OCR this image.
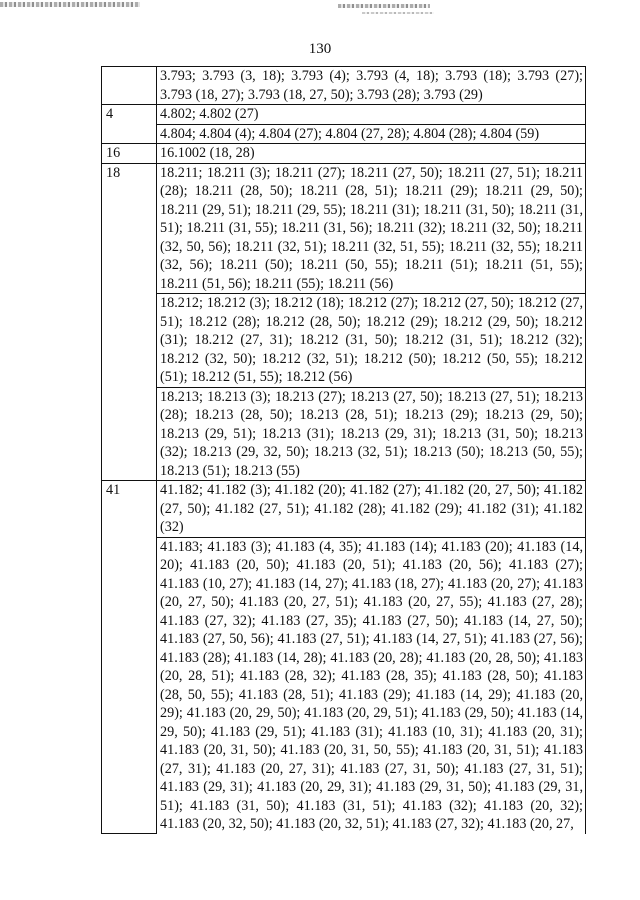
130
	3.793; 3.793 (3, 18); 3.793 (4); 3.793 (4, 18); 3.793 (18); 3.793 (27); 3.793 (18, 27); 3.793 (18, 27, 50); 3.793 (28); 3.793 (29)
4	4.802; 4.802 (27)
	4.804; 4.804 (4); 4.804 (27); 4.804 (27, 28); 4.804 (28); 4.804 (59)
16	16.1002 (18, 28)
18	18.211; 18.211 (3); 18.211 (27); 18.211 (27, 50); 18.211 (27, 51); 18.211 (28); 18.211 (28, 50); 18.211 (28, 51); 18.211 (29); 18.211 (29, 50); 18.211 (29, 51); 18.211 (29, 55); 18.211 (31); 18.211 (31, 50); 18.211 (31, 51); 18.211 (31, 55); 18.211 (31, 56); 18.211 (32); 18.211 (32, 50); 18.211 (32, 50, 56); 18.211 (32, 51); 18.211 (32, 51, 55); 18.211 (32, 55); 18.211 (32, 56); 18.211 (50); 18.211 (50, 55); 18.211 (51); 18.211 (51, 55); 18.211 (51, 56); 18.211 (55); 18.211 (56)
	18.212; 18.212 (3); 18.212 (18); 18.212 (27); 18.212 (27, 50); 18.212 (27, 51); 18.212 (28); 18.212 (28, 50); 18.212 (29); 18.212 (29, 50); 18.212 (31); 18.212 (27, 31); 18.212 (31, 50); 18.212 (31, 51); 18.212 (32); 18.212 (32, 50); 18.212 (32, 51); 18.212 (50); 18.212 (50, 55); 18.212 (51); 18.212 (51, 55); 18.212 (56)
	18.213; 18.213 (3); 18.213 (27); 18.213 (27, 50); 18.213 (27, 51); 18.213 (28); 18.213 (28, 50); 18.213 (28, 51); 18.213 (29); 18.213 (29, 50); 18.213 (29, 51); 18.213 (31); 18.213 (29, 31); 18.213 (31, 50); 18.213 (32); 18.213 (29, 32, 50); 18.213 (32, 51); 18.213 (50); 18.213 (50, 55); 18.213 (51); 18.213 (55)
41	41.182; 41.182 (3); 41.182 (20); 41.182 (27); 41.182 (20, 27, 50); 41.182 (27, 50); 41.182 (27, 51); 41.182 (28); 41.182 (29); 41.182 (31); 41.182 (32)
	41.183; 41.183 (3); 41.183 (4, 35); 41.183 (14); 41.183 (20); 41.183 (14, 20); 41.183 (20, 50); 41.183 (20, 51); 41.183 (20, 56); 41.183 (27); 41.183 (10, 27); 41.183 (14, 27); 41.183 (18, 27); 41.183 (20, 27); 41.183 (20, 27, 50); 41.183 (20, 27, 51); 41.183 (20, 27, 55); 41.183 (27, 28); 41.183 (27, 32); 41.183 (27, 35); 41.183 (27, 50); 41.183 (14, 27, 50); 41.183 (27, 50, 56); 41.183 (27, 51); 41.183 (14, 27, 51); 41.183 (27, 56); 41.183 (28); 41.183 (14, 28); 41.183 (20, 28); 41.183 (20, 28, 50); 41.183 (20, 28, 51); 41.183 (28, 32); 41.183 (28, 35); 41.183 (28, 50); 41.183 (28, 50, 55); 41.183 (28, 51); 41.183 (29); 41.183 (14, 29); 41.183 (20, 29); 41.183 (20, 29, 50); 41.183 (20, 29, 51); 41.183 (29, 50); 41.183 (14, 29, 50); 41.183 (29, 51); 41.183 (31); 41.183 (10, 31); 41.183 (20, 31); 41.183 (20, 31, 50); 41.183 (20, 31, 50, 55); 41.183 (20, 31, 51); 41.183 (27, 31); 41.183 (20, 27, 31); 41.183 (27, 31, 50); 41.183 (27, 31, 51); 41.183 (29, 31); 41.183 (20, 29, 31); 41.183 (29, 31, 50); 41.183 (29, 31, 51); 41.183 (31, 50); 41.183 (31, 51); 41.183 (32); 41.183 (20, 32); 41.183 (20, 32, 50); 41.183 (20, 32, 51); 41.183 (27, 32); 41.183 (20, 27,
